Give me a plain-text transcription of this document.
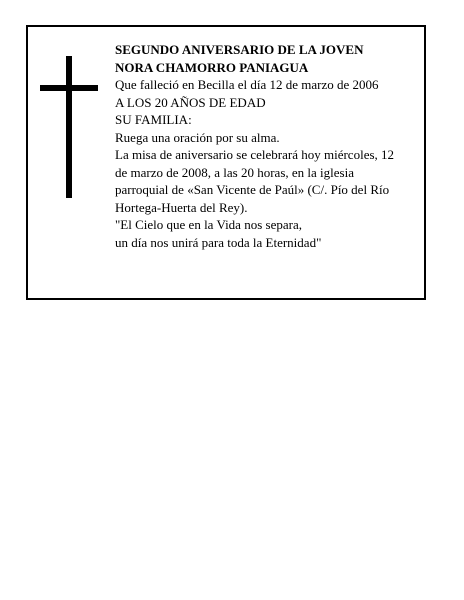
SEGUNDO ANIVERSARIO DE LA JOVEN
NORA CHAMORRO PANIAGUA
Que falleció en Becilla el día 12 de marzo de 2006
A LOS 20 AÑOS DE EDAD
SU FAMILIA:
Ruega una oración por su alma.
La misa de aniversario se celebrará hoy miércoles, 12
de marzo de 2008, a las 20 horas, en la iglesia
parroquial de «San Vicente de Paúl» (C/. Pío del Río
Hortega-Huerta del Rey).
"El Cielo que en la Vida nos separa,
un día nos unirá para toda la Eternidad"
